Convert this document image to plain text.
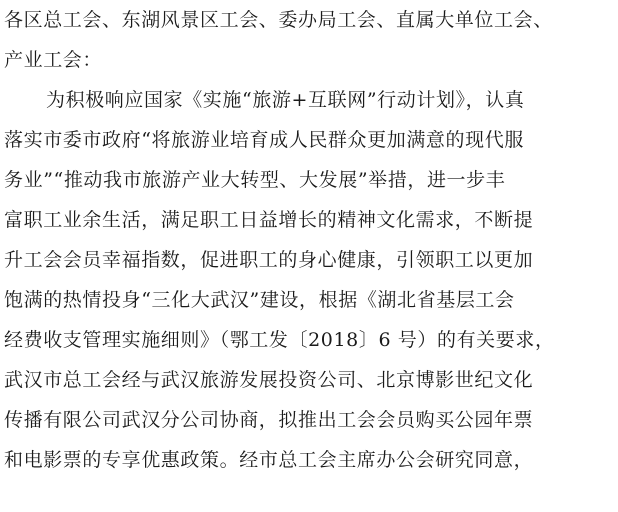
各区总工会、东湖风景区工会、委办局工会、直属大单位工会、
产业工会：
为积极响应国家《实施“旅游+互联网”行动计划》，认真
落实市委市政府“将旅游业培育成人民群众更加满意的现代服
务业”“推动我市旅游产业大转型、大发展”举措，进一步丰
富职工业余生活，满足职工日益增长的精神文化需求，不断提
升工会会员幸福指数，促进职工的身心健康，引领职工以更加
饱满的热情投身“三化大武汉”建设，根据《湖北省基层工会
经费收支管理实施细则》（鄂工发〔2018〕6 号）的有关要求，
武汉市总工会经与武汉旅游发展投资公司、北京博影世纪文化
传播有限公司武汉分公司协商，拟推出工会会员购买公园年票
和电影票的专享优惠政策。经市总工会主席办公会研究同意，
